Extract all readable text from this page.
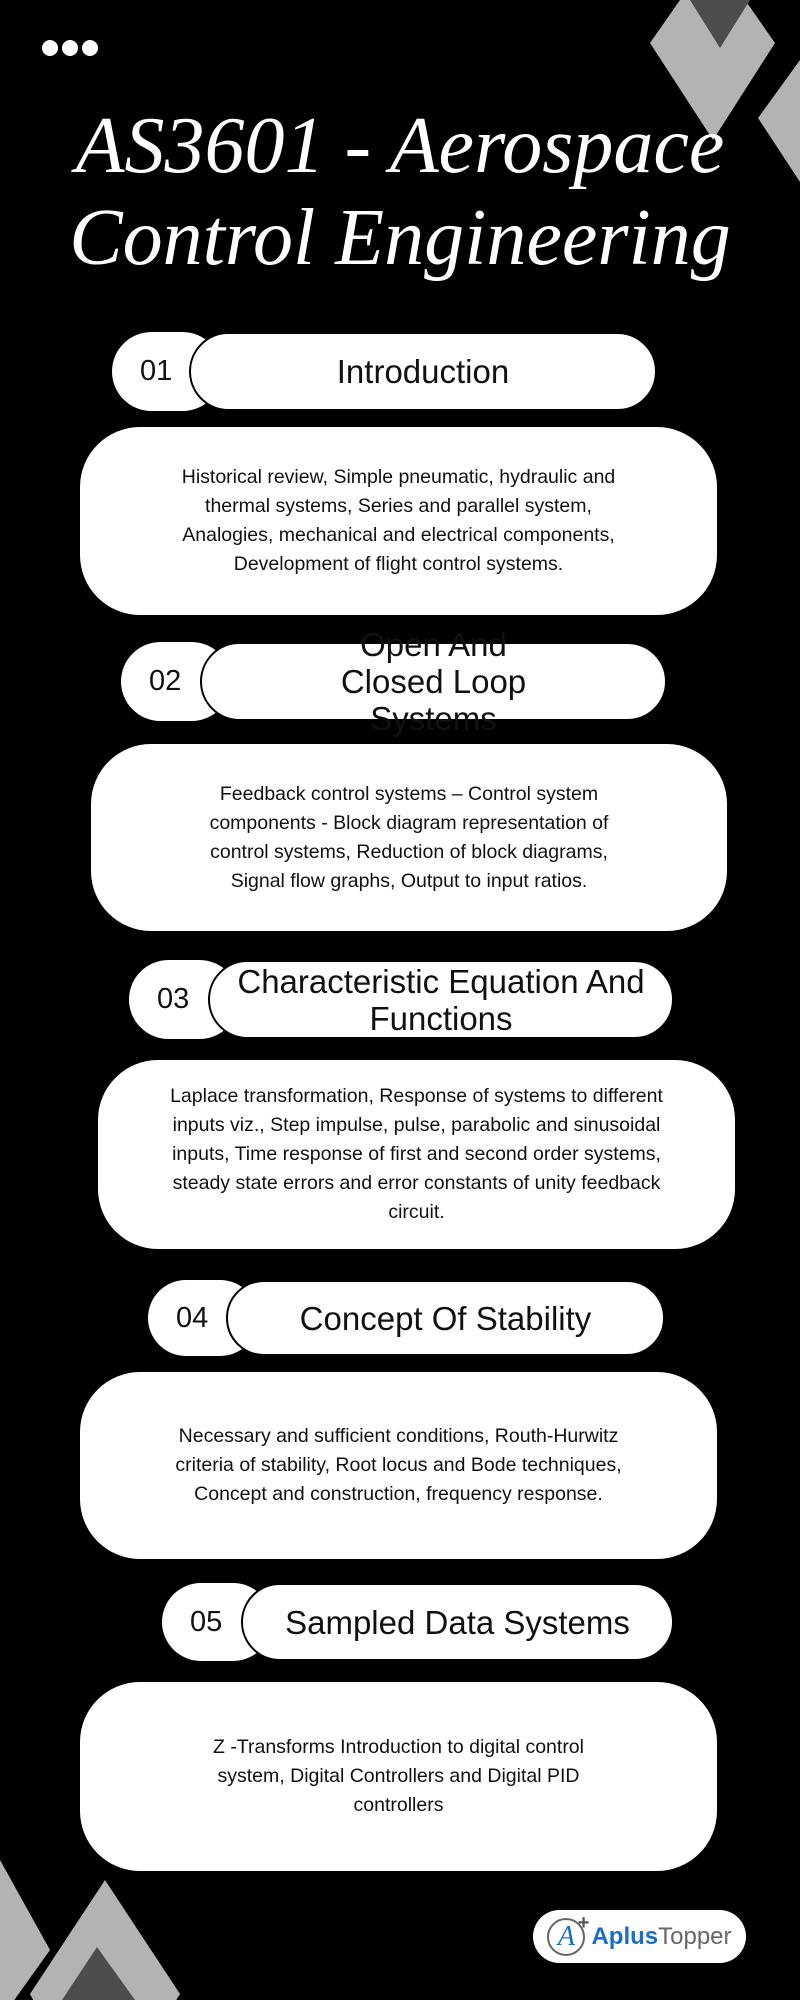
AS3601 - Aerospace
Control Engineering
01	Introduction
Historical review, Simple pneumatic, hydraulic and thermal systems, Series and parallel system, Analogies, mechanical and electrical components, Development of flight control systems.
02
Open And Closed Loop Systems
Feedback control systems – Control system components - Block diagram representation of control systems, Reduction of block diagrams, Signal flow graphs, Output to input ratios.
03	Characteristic Equation And Functions
Laplace transformation, Response of systems to different inputs viz., Step impulse, pulse, parabolic and sinusoidal inputs, Time response of first and second order systems, steady state errors and error constants of unity feedback circuit.
04	Concept Of Stability
Necessary and sufficient conditions, Routh-Hurwitz criteria of stability, Root locus and Bode techniques, Concept and construction, frequency response.
05	Sampled Data Systems
Z -Transforms Introduction to digital control system, Digital Controllers and Digital PID controllers
A + AplusTopper
